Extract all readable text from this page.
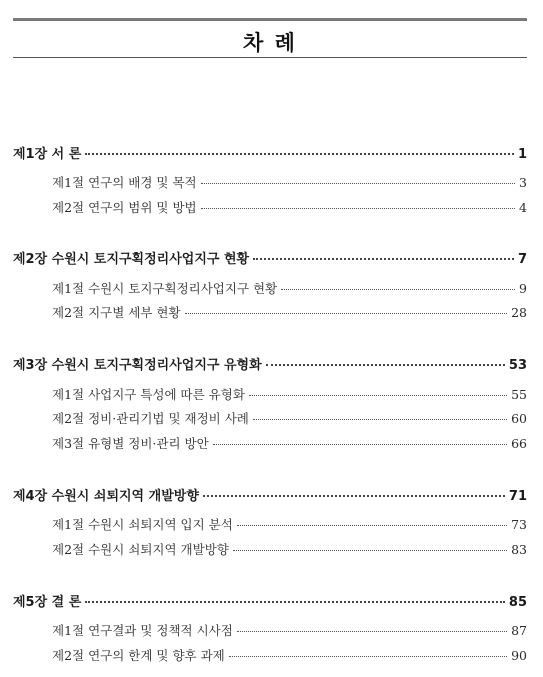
차 례
제1장 서 론	1
제1절 연구의 배경 및 목적	3
제2절 연구의 범위 및 방법	4
제2장 수원시 토지구획정리사업지구 현황	7
제1절 수원시 토지구획정리사업지구 현황	9
제2절 지구별 세부 현황	28
제3장 수원시 토지구획정리사업지구 유형화	53
제1절 사업지구 특성에 따른 유형화	55
제2절 정비·관리기법 및 재정비 사례	60
제3절 유형별 정비·관리 방안	66
제4장 수원시 쇠퇴지역 개발방향	71
제1절 수원시 쇠퇴지역 입지 분석	73
제2절 수원시 쇠퇴지역 개발방향	83
제5장 결 론	85
제1절 연구결과 및 정책적 시사점	87
제2절 연구의 한계 및 향후 과제	90
